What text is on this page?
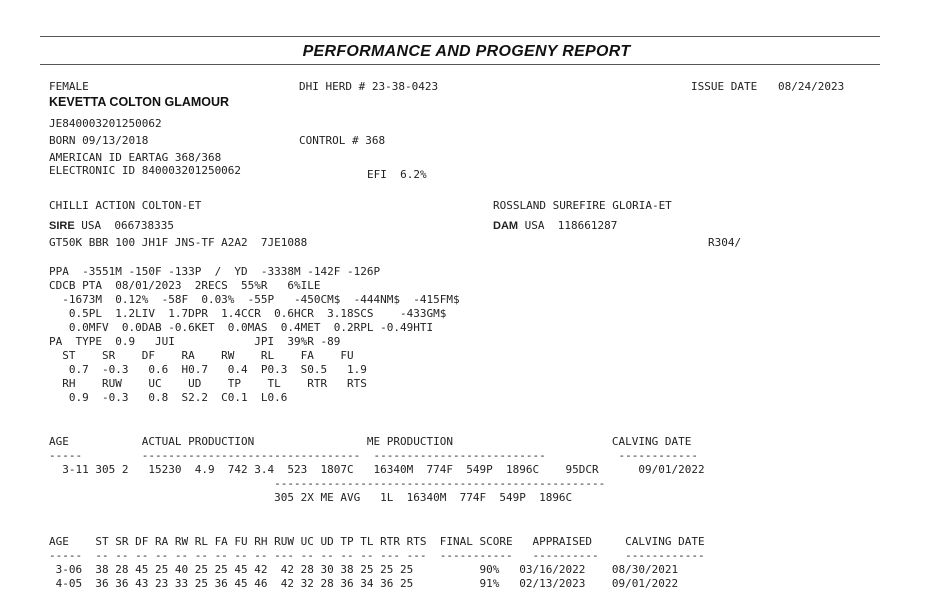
PERFORMANCE AND PROGENY REPORT
FEMALE
KEVETTA COLTON GLAMOUR
JE840003201250062
BORN 09/13/2018
AMERICAN ID EARTAG 368/368
ELECTRONIC ID 840003201250062
DHI HERD # 23-38-0423
CONTROL # 368
EFI  6.2%
ISSUE DATE 08/24/2023
CHILLI ACTION COLTON-ET
SIRE USA  066738335
GT50K BBR 100 JH1F JNS-TF A2A2  7JE1088
ROSSLAND SUREFIRE GLORIA-ET
DAM USA  118661287
R304/
PPA  -3551M -150F -133P  /  YD  -3338M -142F -126P
CDCB PTA  08/01/2023  2RECS  55%R   6%ILE
-1673M  0.12%  -58F  0.03%  -55P   -450CM$  -444NM$  -415FM$
0.5PL  1.2LIV  1.7DPR  1.4CCR  0.6HCR  3.18SCS    -433GM$
0.0MFV  0.0DAB -0.6KET  0.0MAS  0.4MET  0.2RPL -0.49HTI
PA  TYPE  0.9   JUI            JPI  39%R -89
ST    SR    DF    RA    RW    RL    FA    FU
0.7  -0.3   0.6  H0.7   0.4  P0.3  S0.5   1.9
RH    RUW    UC    UD    TP    TL    RTR   RTS
0.9  -0.3   0.8  S2.2  C0.1  L0.6
AGE           ACTUAL PRODUCTION                 ME PRODUCTION                        CALVING DATE
-----         ---------------------------------  --------------------------           ------------
3-11 305 2   15230  4.9  742 3.4  523  1807C   16340M  774F  549P  1896C    95DCR      09/01/2022
--------------------------------------------------
305 2X ME AVG   1L  16340M  774F  549P  1896C
AGE    ST SR DF RA RW RL FA FU RH RUW UC UD TP TL RTR RTS  FINAL SCORE   APPRAISED     CALVING DATE
-----  -- -- -- -- -- -- -- -- -- --- -- -- -- -- --- ---  -----------   ----------    ------------
3-06  38 28 45 25 40 25 25 45 42  42 28 30 38 25 25 25          90%   03/16/2022    08/30/2021
4-05  36 36 43 23 33 25 36 45 46  42 32 28 36 34 36 25          91%   02/13/2023    09/01/2022
